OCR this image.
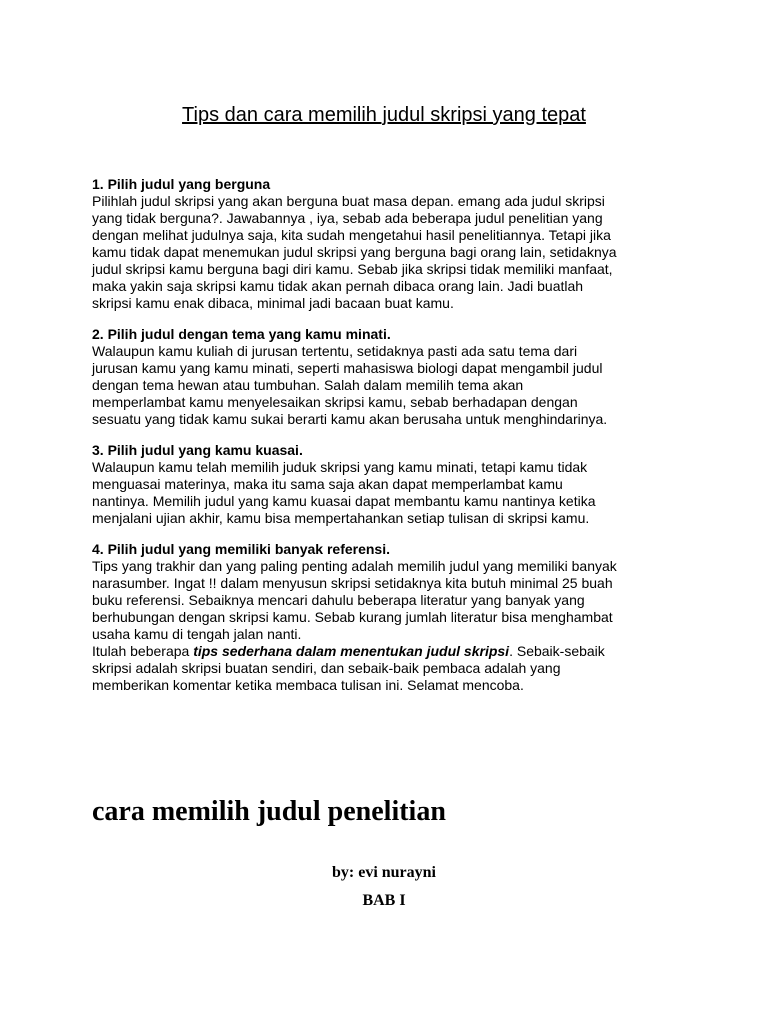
Tips dan cara memilih judul skripsi yang tepat
1. Pilih judul yang berguna
Pilihlah judul skripsi yang akan berguna buat masa depan. emang ada judul skripsi
yang tidak berguna?. Jawabannya , iya, sebab ada beberapa judul penelitian yang
dengan melihat judulnya saja, kita sudah mengetahui hasil penelitiannya. Tetapi jika
kamu tidak dapat menemukan judul skripsi yang berguna bagi orang lain, setidaknya
judul skripsi kamu berguna bagi diri kamu. Sebab jika skripsi tidak memiliki manfaat,
maka yakin saja skripsi kamu tidak akan pernah dibaca orang lain. Jadi buatlah
skripsi kamu enak dibaca, minimal jadi bacaan buat kamu.
2. Pilih judul dengan tema yang kamu minati.
Walaupun kamu kuliah di jurusan tertentu, setidaknya pasti ada satu tema dari
jurusan kamu yang kamu minati, seperti mahasiswa biologi dapat mengambil judul
dengan tema hewan atau tumbuhan. Salah dalam memilih tema akan
memperlambat kamu menyelesaikan skripsi kamu, sebab berhadapan dengan
sesuatu yang tidak kamu sukai berarti kamu akan berusaha untuk menghindarinya.
3. Pilih judul yang kamu kuasai.
Walaupun kamu telah memilih juduk skripsi yang kamu minati, tetapi kamu tidak
menguasai materinya, maka itu sama saja akan dapat memperlambat kamu
nantinya. Memilih judul yang kamu kuasai dapat membantu kamu nantinya ketika
menjalani ujian akhir, kamu bisa mempertahankan setiap tulisan di skripsi kamu.
4. Pilih judul yang memiliki banyak referensi.
Tips yang trakhir dan yang paling penting adalah memilih judul yang memiliki banyak
narasumber. Ingat !! dalam menyusun skripsi setidaknya kita butuh minimal 25 buah
buku referensi. Sebaiknya mencari dahulu beberapa literatur yang banyak yang
berhubungan dengan skripsi kamu. Sebab kurang jumlah literatur bisa menghambat
usaha kamu di tengah jalan nanti.
Itulah beberapa tips sederhana dalam menentukan judul skripsi. Sebaik-sebaik
skripsi adalah skripsi buatan sendiri, dan sebaik-baik pembaca adalah yang
memberikan komentar ketika membaca tulisan ini. Selamat mencoba.
cara memilih judul penelitian
by: evi nurayni
BAB I
